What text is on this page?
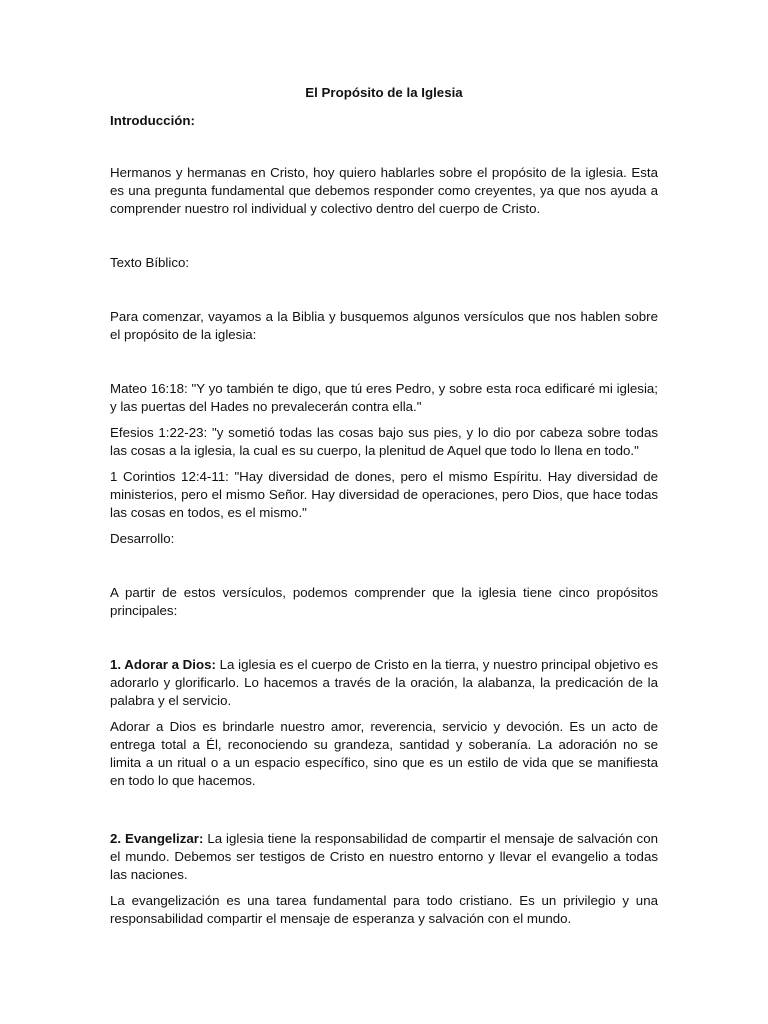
El Propósito de la Iglesia
Introducción:

Hermanos y hermanas en Cristo, hoy quiero hablarles sobre el propósito de la iglesia. Esta es una pregunta fundamental que debemos responder como creyentes, ya que nos ayuda a comprender nuestro rol individual y colectivo dentro del cuerpo de Cristo.

Texto Bíblico:

Para comenzar, vayamos a la Biblia y busquemos algunos versículos que nos hablen sobre el propósito de la iglesia:

Mateo 16:18: "Y yo también te digo, que tú eres Pedro, y sobre esta roca edificaré mi iglesia; y las puertas del Hades no prevalecerán contra ella."

Efesios 1:22-23: "y sometió todas las cosas bajo sus pies, y lo dio por cabeza sobre todas las cosas a la iglesia, la cual es su cuerpo, la plenitud de Aquel que todo lo llena en todo."

1 Corintios 12:4-11: "Hay diversidad de dones, pero el mismo Espíritu. Hay diversidad de ministerios, pero el mismo Señor. Hay diversidad de operaciones, pero Dios, que hace todas las cosas en todos, es el mismo."

Desarrollo:

A partir de estos versículos, podemos comprender que la iglesia tiene cinco propósitos principales:

1. Adorar a Dios: La iglesia es el cuerpo de Cristo en la tierra, y nuestro principal objetivo es adorarlo y glorificarlo. Lo hacemos a través de la oración, la alabanza, la predicación de la palabra y el servicio.

Adorar a Dios es brindarle nuestro amor, reverencia, servicio y devoción. Es un acto de entrega total a Él, reconociendo su grandeza, santidad y soberanía. La adoración no se limita a un ritual o a un espacio específico, sino que es un estilo de vida que se manifiesta en todo lo que hacemos.

2. Evangelizar: La iglesia tiene la responsabilidad de compartir el mensaje de salvación con el mundo. Debemos ser testigos de Cristo en nuestro entorno y llevar el evangelio a todas las naciones.

La evangelización es una tarea fundamental para todo cristiano. Es un privilegio y una responsabilidad compartir el mensaje de esperanza y salvación con el mundo.
